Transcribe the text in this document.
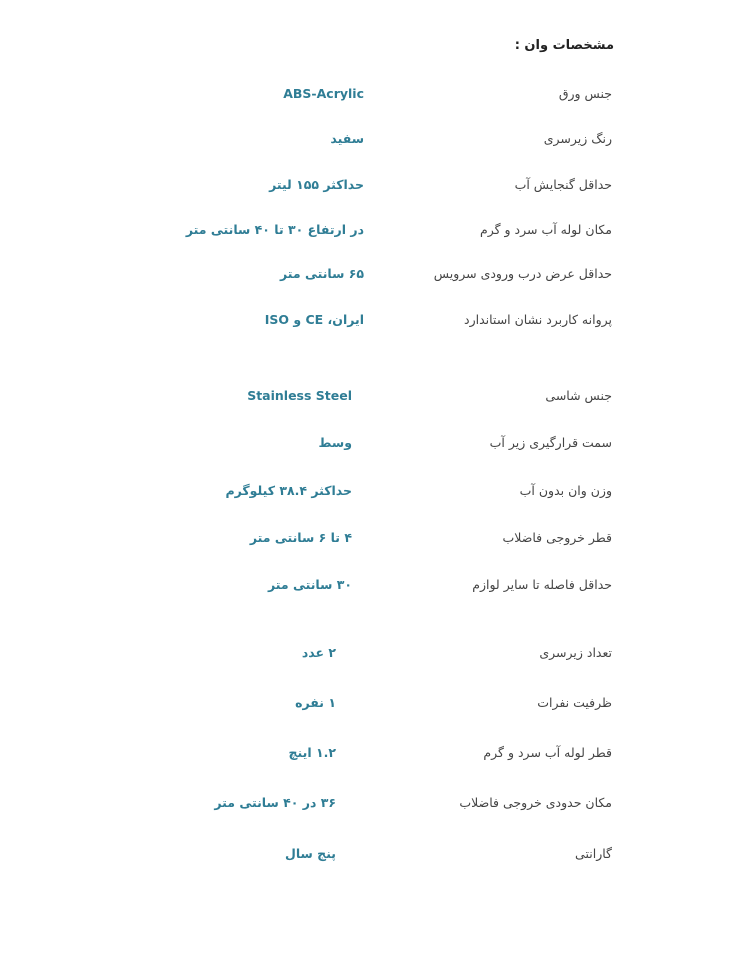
مشخصات وان :
جنس ورق
ABS-Acrylic
رنگ زیرسری
سفید
حداقل گنجایش آب
حداکثر ۱۵۵ لیتر
مکان لوله آب سرد و گرم
در ارتفاع ۳۰ تا ۴۰ سانتی متر
حداقل عرض درب ورودی سرویس
۶۵ سانتی متر
پروانه کاربرد نشان استاندارد
ایران، CE و ISO
جنس شاسی
Stainless Steel
سمت قرارگیری زیر آب
وسط
وزن وان بدون آب
حداکثر ۳۸.۴ کیلوگرم
قطر خروجی فاضلاب
۴ تا ۶ سانتی متر
حداقل فاصله تا سایر لوازم
۳۰ سانتی متر
تعداد زیرسری
۲ عدد
ظرفیت نفرات
۱ نفره
قطر لوله آب سرد و گرم
۱.۲ اینچ
مکان حدودی خروجی فاضلاب
۳۶ در ۴۰ سانتی متر
گارانتی
پنج سال
